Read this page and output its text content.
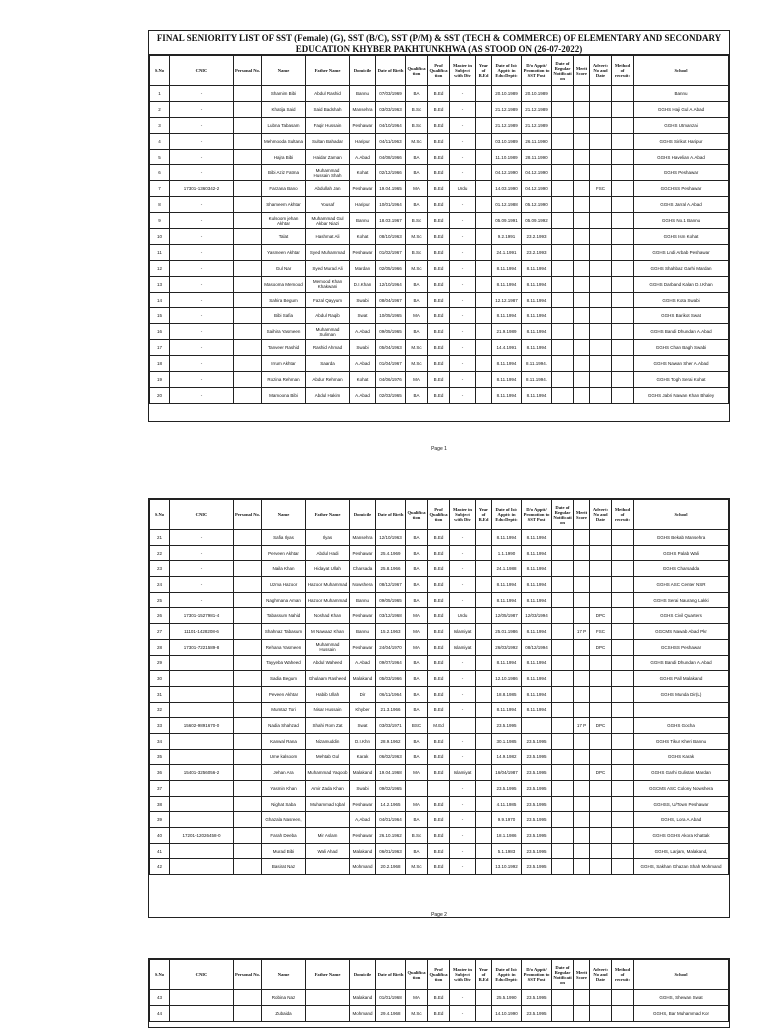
FINAL SENIORITY LIST OF SST (Female) (G), SST (B/C), SST (P/M) & SST (TECH & COMMERCE) OF ELEMENTARY AND SECONDARY EDUCATION KHYBER PAKHTUNKHWA (AS STOOD ON (26-07-2022)
S.No	CNIC	Personal No.	Name	Father Name	Domicile	Date of Birth	Qualification	Prof Qualification	Master in Subject with Div	Year of B.Ed	Date of Ist: Apptt: in Edu:Deptt:	D/o Apptt/ Promotion to SST Post	Date of Regular Notification	Merit Score	Advert: No and Date	Method of recruit:	School
1	-		Shamim Bibi	Abdul Rashid	Bannu	07/03/1969	BA	B.Ed	-		20.10.1989	20.10.1989					Bannu
2	-		Khatija Said	Said Badshah	Mansehra	03/03/1963	B.Sc	B.Ed	-		21.12.1989	21.12.1989					GGHS Haji Gul A.Abad
3	-		Lubna Tabasam	Faqir Hussain	Peshawar	04/10/1964	B.Sc	B.Ed	-		21.12.1989	21.12.1989					GGHS Utmanzai
4	-		Mehmooda Sultana	Sultan Bahadar	Haripur	04/11/1963	M.Sc	B.Ed	-		03.10.1989	26.11.1990					GGHS Sirikot Haripur
5	-		Hajra Bibi	Haidar Zaman	A.Abad	04/08/1966	BA	B.Ed	-		11.10.1989	28.11.1990					GGHS Havelian A.Abad
6	-		Bibi Aziz Fatma	Muhammad Hussain Shah	Kohat	02/12/1966	BA	B.Ed	-		04.12.1990	04.12.1990					GGHS Peshawar
7	17301-1360342-2		Farzana Bano	Abdullah Jan	Peshawar	19.04.1965	MA	B.Ed	Urdu		14.03.1990	04.12.1990			FSC		GGCHSS Peshawar
8	-		Shameem Akhtar	Yousaf	Haripur	10/01/1964	BA	B.Ed	-		01.12.1988	05.12.1990					GGHS Jarral A.Abad
9	-		Kulsoom jehan Akhtar	Muhammad Gul Akbar Niazi	Bannu	18.03.1967	B.Sc	B.Ed	-		05.09.1991	05.09.1992					GGHS No.1 Bannu
10	-		Talat	Hashmat Ali	Kohat	08/10/1963	M.Sc	B.Ed	-		9.2.1991	23.2.1993					GGHS Ism Kohat
11	-		Yasmeen Akhtar	Syed Muhammad	Peshawar	01/02/1967	B.Sc	B.Ed	-		24.1.1991	23.2.1993					GGHS Lndi Arbab Peshawar
12	-		Gul Nar	Syed Murad Ali	Mardan	02/05/1966	M.Sc	B.Ed	-		8.11.1994	8.11.1994					GGHS Shahbaz Garhi Mardan
13	-		Masooma Memood	Memood Khan Khakwani	D.I.Khan	12/10/1964	BA	B.Ed	-		8.11.1994	8.11.1994					GGHS Darband Kalan D.I.Khan
14	-		Sahira Begum	Fazal Qayyum	Swabi	08/04/1967	BA	B.Ed	-		12.12.1987	8.11.1994					GGHS Kota Swabi
15	-		Bibi Safia	Abdul Raqib	Swat	10/05/1965	MA	B.Ed	-		8.11.1994	8.11.1994					GGHS Barikot Swat
16	-		Saihira Yasmeen	Muhammad Suliman	A.Abad	09/05/1965	BA	B.Ed	-		21.9.1989	8.11.1994					GGHS Bandi Dhundan A.Abad
17	-		Tanveer Rashid	Rashid Ahmad	Swabi	05/04/1963	M.Sc	B.Ed	-		14.4.1991	8.11.1994					GGHS Chan Bagh Swabi
18	-		Irrum Akhtar	Saarda	A.Abad	01/04/1967	M.Sc	B.Ed	-		8.11.1994	8.11.1994.					GGHS Nawan Sher A.Abad
19	-		Rozina Rehman	Abdur Rehman	Kohat	04/06/1976	MA	B.Ed	-		8.11.1994	8.11.1994.					GGHS Togh Serai Kohat
20	-		Mamoona Bibi	Abdul Hakim	A.Abad	02/03/1965	BA	B.Ed	-		8.11.1994	8.11.1994					GGHS Jabri Nawan Khan Bhaley
Page 1
S.No	CNIC	Personal No.	Name	Father Name	Domicile	Date of Birth	Qualification	Prof Qualification	Master in Subject with Div	Year of B.Ed	Date of Ist: Apptt: in Edu:Deptt:	D/o Apptt/ Promotion to SST Post	Date of Regular Notification	Merit Score	Advert: No and Date	Method of recruit:	School
21	-		Safia Ilyas	Ilyas	Mansehra	12/10/1963	BA	B.Ed	-		8.11.1994	8.11.1994					GGHS Bekab Mansehra
22	-		Perveen Akhtar	Abdul Hadi	Peshawar	25.4.1969	BA	B.Ed	-		1.1.1990	8.11.1994					GGHS Palab Wali
23	-		Naila Khan	Hidayat Ullah	Charsada	25.8.1966	BA	B.Ed	-		24.1.1988	8.11.1994					GGHS Charsadda
24	-		Uzma Hazoor	Hazoor Muhammad	Nowshera	08/12/1967	BA	B.Ed	-		8.11.1994	8.11.1994					GGHS ASC Center NSR
25	-		Naghmana Aman	Hazoor Muhammad	Bannu	09/05/1965	BA	B.Ed	-		8.11.1994	8.11.1994					GGHS Serai Naurang Lakki
26	17301-1527981-4		Tabassum Nahid	Noshad Khan	Peshawar	03/12/1968	MA	B.Ed	Urdu		12/05/1987	12/03/1994			DPC		GGHS Civil Quarters
27	11101-1428208-6		Shahnaz Tabasum	M Nawaaz Khan	Bannu	15.2.1963	MA	B.Ed	Islamiyat		25.01.1986	8.11.1994		17 P	FSC		GGCMS Nawab Abad Pkr
28	17301-7221589-8		Rehana Yasmeen	Muhammad Hussain	Peshawar	24/04/1970	MA	B.Ed	Islamiyat		26/03/1992	08/12/1994			DPC		GCSHSS Peshawar
29			Tayyeba Waheed	Abdul Waheed	A.Abad	09/07/1964	BA	B.Ed	-		8.11.1994	8.11.1994					GGHS Bandi Dhundan A.Abad
30			Sadia Begum	Ghulaam Rasheed	Malakand	05/03/1966	BA	B.Ed	-		12.10.1986	8.11.1994					GGHS Pall Malakand
31			Peveen Akhtar	Habib Ullah	Dir	06/11/1964	BA	B.Ed	-		18.8.1985	8.11.1994					GGHS Munda Dir(L)
32			Mumtaz Tori	Nisar Hussain	Khyber	21.3.1966	BA	B.Ed	-		8.11.1994	8.11.1994					
33	15602-9891670-0		Nadia Shahzad	Shahi Rom Zat	Swat	03/03/1971	BSC	M.Ed			23.5.1995			17 P	DPC		GGHS Gocha
34			Kanwal Rana	Nizamuddin	D.I.Khn	28.9.1962	BA	B.Ed	-		30.1.1985	23.5.1995					GGHS Tikur Kheri Bannu
35			Ume kalsoom	Mehtab Gul	Karak	06/02/1963	BA	B.Ed	-		14.9.1982	23.5.1995					GGHS Karak
36	15401-3256056-2		Jehan Ara	Muhammad Yaqoob	Malakand	19.04.1968	MA	B.Ed	Islamiyat		16/04/1987	23.5.1995			DPC		GGHS Garhi Gulistan Mardan
37			Yasmin Khan	Amir Zada Khan	Swabi	09/02/1965			-		23.5.1995	23.5.1995					GGCMS ASC Colony Nowshera
38			Nighat Saba	Muhammad Iqbal	Peshawar	14.2.1965	MA	B.Ed	-		4.11.1985	23.5.1995					GGHSS, U/Town Peshawar
39			Ghazala Nasreen,		A,Abad	04/01/1964	BA	B.Ed	-		9.9.1970	23.5.1995					GGHS, Lora A.Abad
40	17201-12026458-0		Farah Deeba	Mir Aslam	Peshawar	26.10.1962	B.Sc	B.Ed	-		18.1.1986	23.5.1995					GGHS GGHS Akora Khattak
41			Murad Bibi	Wali Ahad	Malakand	06/01/1963	BA	B.Ed	-		5.1.1983	23.5.1995					GGHS, Larjam, Malakand,
42			Basirat Naz		Mohmand	20.2.1968	M.Sc	B.Ed	-		13.10.1992	23.5.1995					GGHS, Sakhan Ghazan Shah Mohmand
Page 2
S.No	CNIC	Personal No.	Name	Father Name	Domicile	Date of Birth	Qualification	Prof Qualification	Master in Subject with Div	Year of B.Ed	Date of Ist: Apptt: in Edu:Deptt:	D/o Apptt/ Promotion to SST Post	Date of Regular Notification	Merit Score	Advert: No and Date	Method of recruit:	School
43			Robina Naz		Malakand	01/01/1968	MA	B.Ed	-		25.5.1990	23.5.1995					GGHS, Shewan Swat
44			Zubaida		Mohmand	29.4.1968	M.Sc	B.Ed	-		14.10.1990	23.5.1995					GGHS, Bar Muhammad Kor
